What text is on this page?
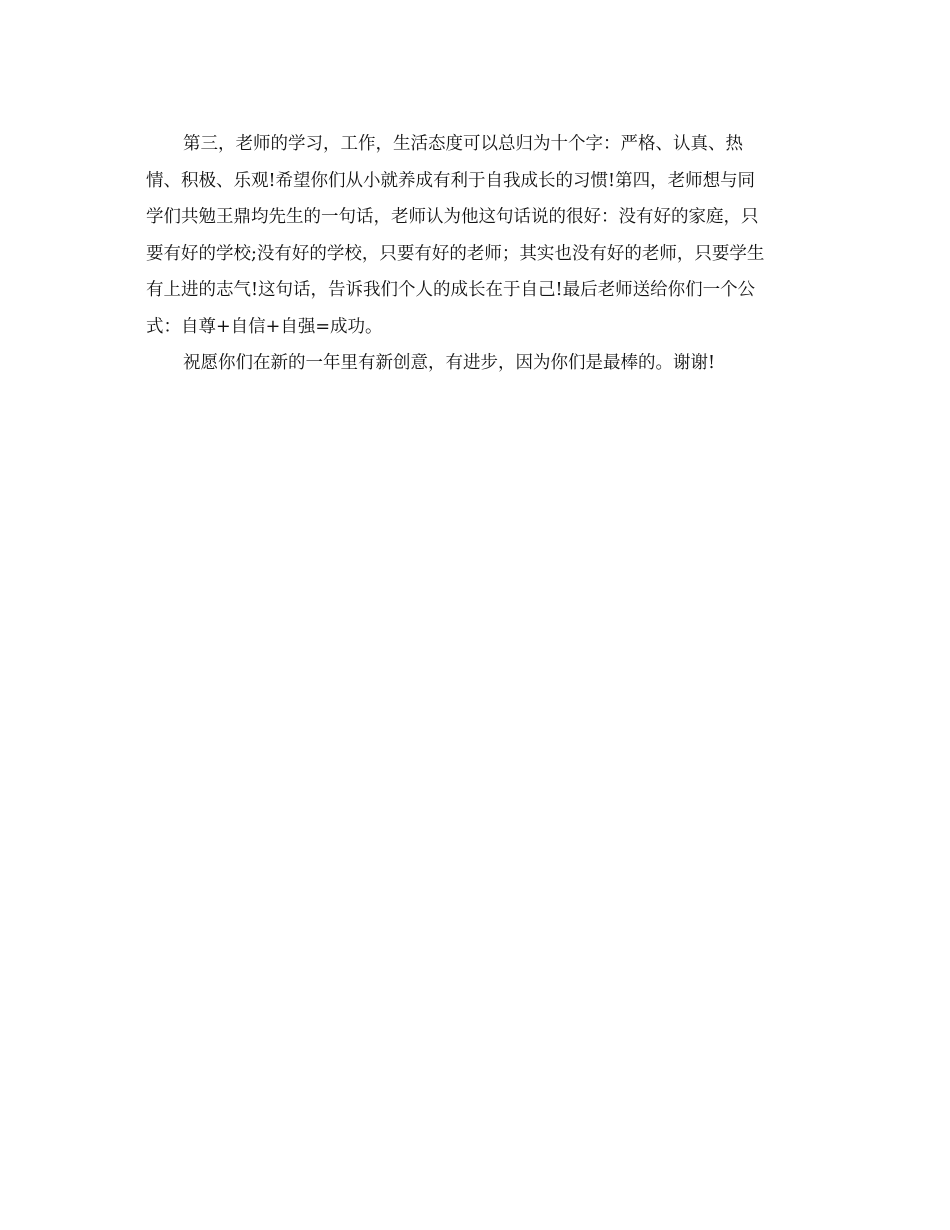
第三，老师的学习，工作，生活态度可以总归为十个字：严格、认真、热
情、积极、乐观!希望你们从小就养成有利于自我成长的习惯!第四，老师想与同
学们共勉王鼎均先生的一句话，老师认为他这句话说的很好：没有好的家庭，只
要有好的学校;没有好的学校，只要有好的老师；其实也没有好的老师，只要学生
有上进的志气!这句话，告诉我们个人的成长在于自己!最后老师送给你们一个公
式：自尊+自信+自强=成功。

祝愿你们在新的一年里有新创意，有进步，因为你们是最棒的。谢谢!
